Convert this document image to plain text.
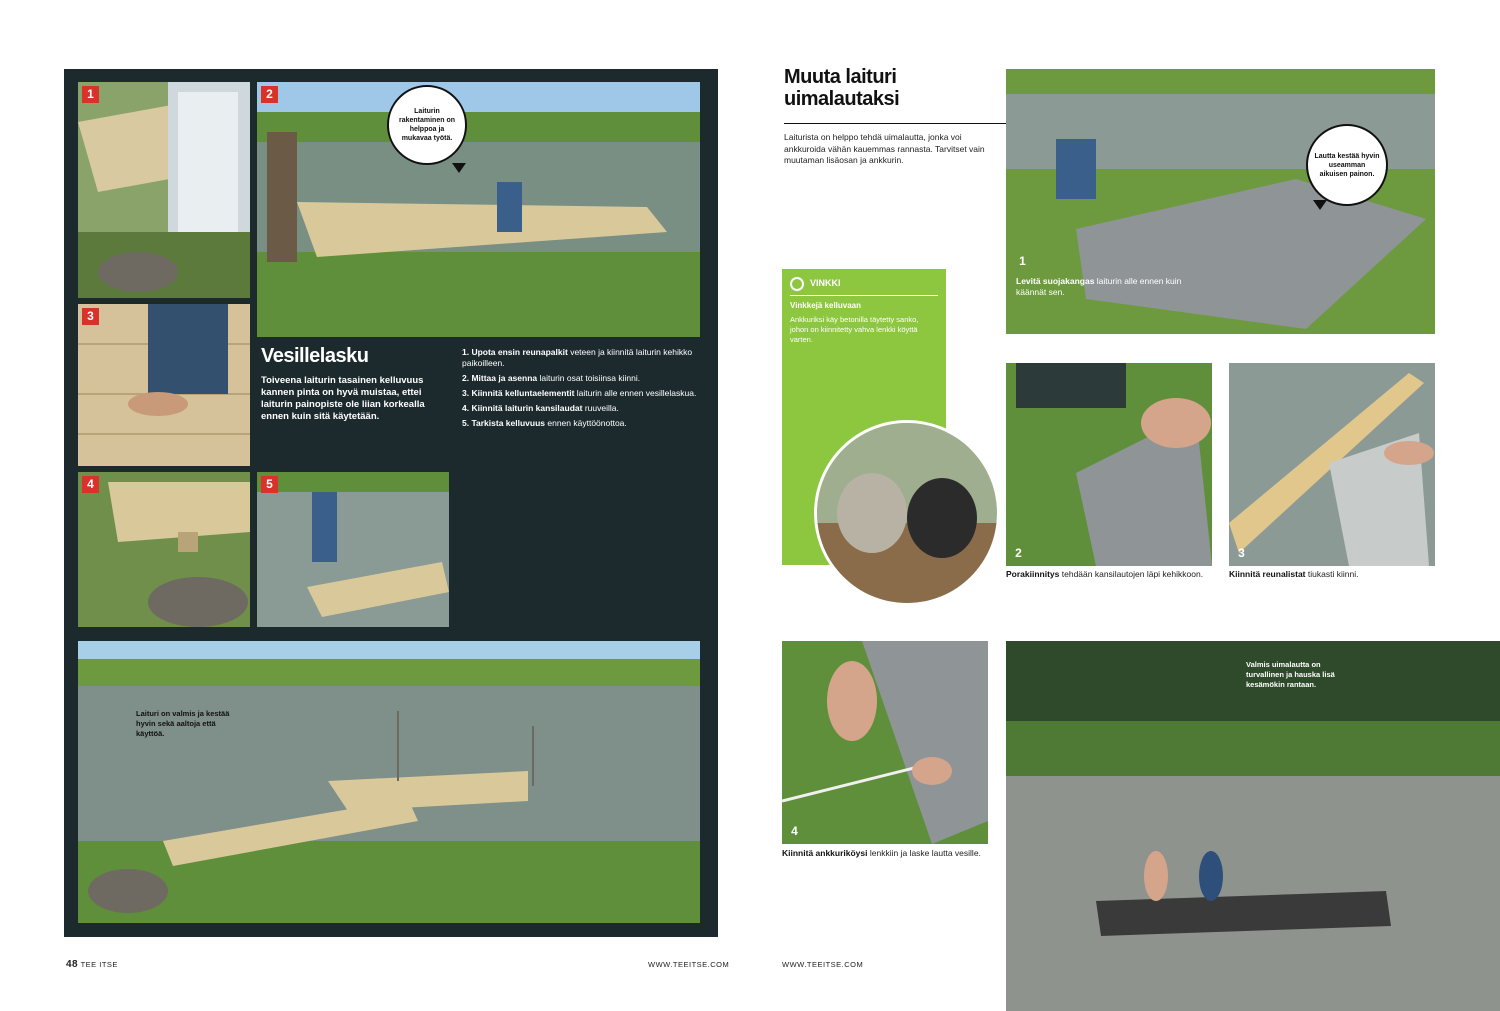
1	2
Laiturin rakentaminen on helppoa ja mukavaa työtä.
3
Vesillelasku
Toiveena laiturin tasainen kelluvuus kannen pinta on hyvä muistaa, ettei laiturin painopiste ole liian korkealla ennen kuin sitä käytetään.

1. Upota ensin reunapalkit veteen ja kiinnitä laiturin kehikko paikoilleen.

2. Mittaa ja asenna laiturin osat toisiinsa kiinni.

3. Kiinnitä kelluntaelementit laiturin alle ennen vesillelaskua.

4. Kiinnitä laiturin kansilaudat ruuveilla.

5. Tarkista kelluvuus ennen käyttöönottoa.

4	5
Laituri on valmis ja kestää hyvin sekä aaltoja että käyttöä.
48 TEE ITSE	WWW.TEEITSE.COM
Muuta laituri
uimalautaksi
Laiturista on helppo tehdä uimalautta, jonka voi ankkuroida vähän kauemmas rannasta. Tarvitset vain muutaman lisäosan ja ankkurin.
VINKKI
Vinkkejä kelluvaan
Ankkuriksi käy betonilla täytetty sanko, johon on kiinnitetty vahva lenkki köyttä varten.
Lautta kestää hyvin useamman aikuisen painon.
1
Levitä suojakangas laiturin alle ennen kuin käännät sen.
2
Porakiinnitys tehdään kansilautojen läpi kehikkoon.
3
Kiinnitä reunalistat tiukasti kiinni.
4
Kiinnitä ankkuriköysi lenkkiin ja laske lautta vesille.
Valmis uimalautta on turvallinen ja hauska lisä kesämökin rantaan.
WWW.TEEITSE.COM
